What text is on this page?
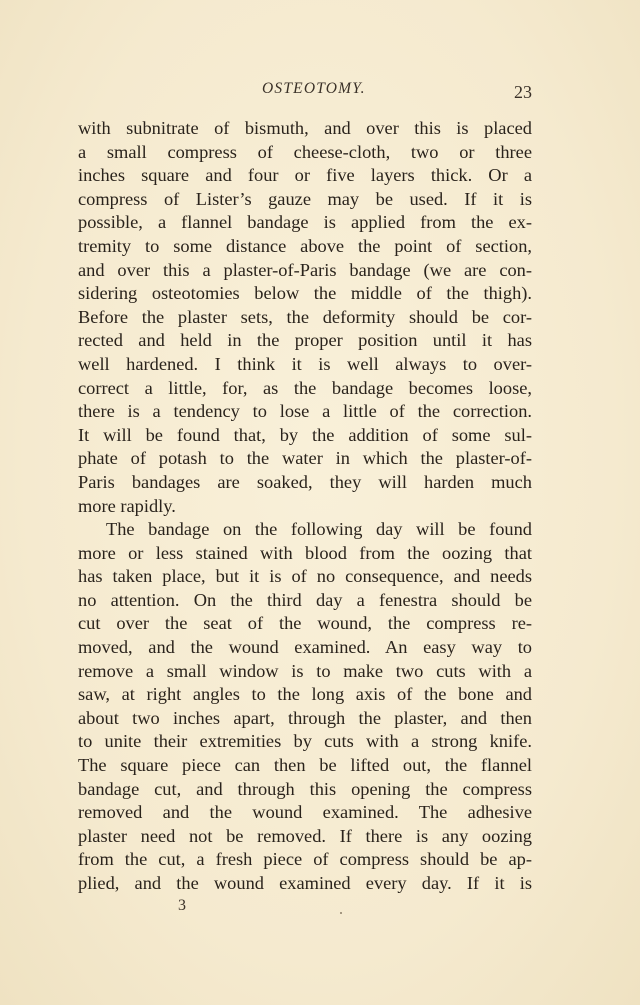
OSTEOTOMY.	23
with subnitrate of bismuth, and over this is placed
a small compress of cheese-cloth, two or three
inches square and four or five layers thick. Or a
compress of Lister’s gauze may be used. If it is
possible, a flannel bandage is applied from the ex-
tremity to some distance above the point of section,
and over this a plaster-of-Paris bandage (we are con-
sidering osteotomies below the middle of the thigh).
Before the plaster sets, the deformity should be cor-
rected and held in the proper position until it has
well hardened. I think it is well always to over-
correct a little, for, as the bandage becomes loose,
there is a tendency to lose a little of the correction.
It will be found that, by the addition of some sul-
phate of potash to the water in which the plaster-of-
Paris bandages are soaked, they will harden much
more rapidly.
The bandage on the following day will be found
more or less stained with blood from the oozing that
has taken place, but it is of no consequence, and needs
no attention. On the third day a fenestra should be
cut over the seat of the wound, the compress re-
moved, and the wound examined. An easy way to
remove a small window is to make two cuts with a
saw, at right angles to the long axis of the bone and
about two inches apart, through the plaster, and then
to unite their extremities by cuts with a strong knife.
The square piece can then be lifted out, the flannel
bandage cut, and through this opening the compress
removed and the wound examined. The adhesive
plaster need not be removed. If there is any oozing
from the cut, a fresh piece of compress should be ap-
plied, and the wound examined every day. If it is
3
